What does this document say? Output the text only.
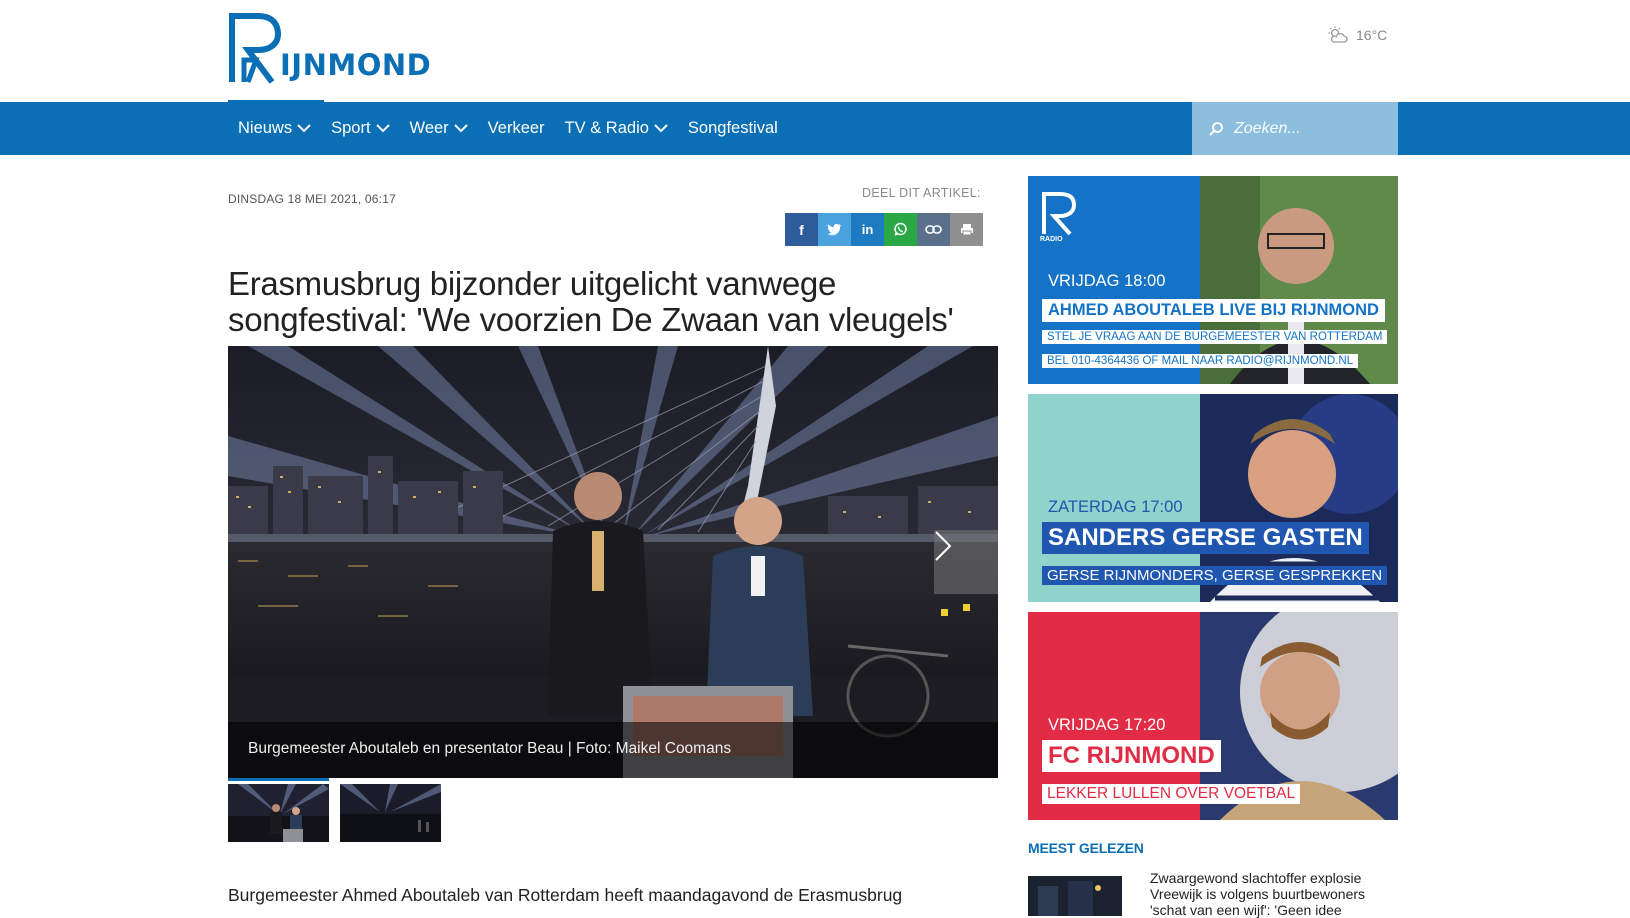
IJNMOND
16°C
Nieuws Sport Weer Verkeer TV & Radio Songfestival
Zoeken...
DINSDAG 18 MEI 2021, 06:17	DEEL DIT ARTIKEL:
f	in
Erasmusbrug bijzonder uitgelicht vanwege songfestival: 'We voorzien De Zwaan van vleugels'
Burgemeester Aboutaleb en presentator Beau | Foto: Maikel Coomans

Burgemeester Ahmed Aboutaleb van Rotterdam heeft maandagavond de Erasmusbrug

RADIO
VRIJDAG 18:00
AHMED ABOUTALEB LIVE BIJ RIJNMOND
STEL JE VRAAG AAN DE BURGEMEESTER VAN ROTTERDAM
BEL 010-4364436 OF MAIL NAAR RADIO@RIJNMOND.NL
ZATERDAG 17:00
SANDERS GERSE GASTEN
GERSE RIJNMONDERS, GERSE GESPREKKEN
VRIJDAG 17:20
FC RIJNMOND
LEKKER LULLEN OVER VOETBAL
MEEST GELEZEN
Zwaargewond slachtoffer explosie Vreewijk is volgens buurtbewoners 'schat van een wijf': 'Geen idee
